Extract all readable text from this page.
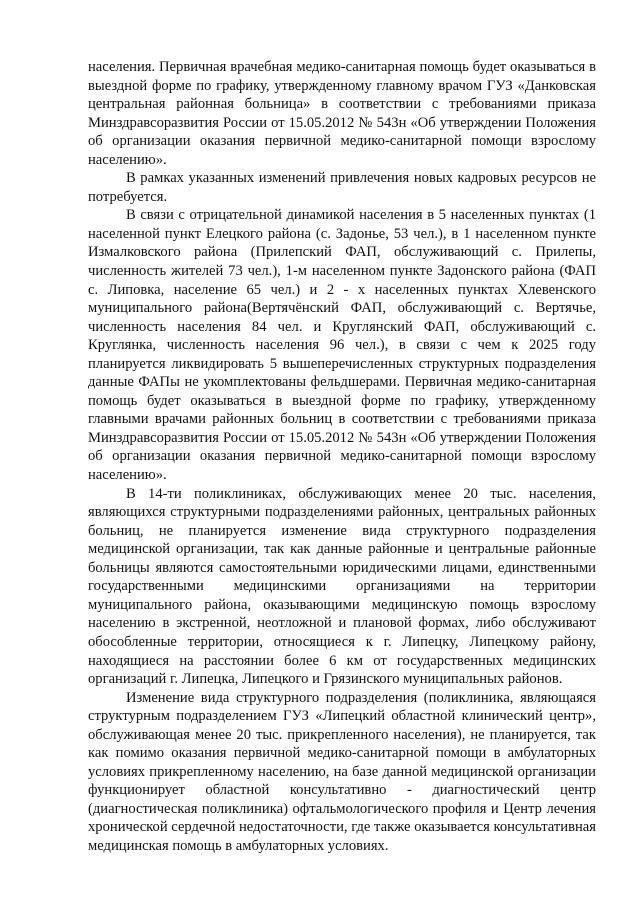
населения. Первичная врачебная медико-санитарная помощь будет оказываться в выездной форме по графику, утвержденному главному врачом ГУЗ «Данковская центральная районная больница» в соответствии с требованиями приказа Минздравсоразвития России от 15.05.2012 № 543н «Об утверждении Положения об организации оказания первичной медико-санитарной помощи взрослому населению».

В рамках указанных изменений привлечения новых кадровых ресурсов не потребуется.

В связи с отрицательной динамикой населения в 5 населенных пунктах (1 населенной пункт Елецкого района (с. Задонье, 53 чел.), в 1 населенном пункте Измалковского района (Прилепский ФАП, обслуживающий с. Прилепы, численность жителей 73 чел.), 1-м населенном пункте Задонского района (ФАП с. Липовка, население 65 чел.) и 2 - х населенных пунктах Хлевенского муниципального района(Вертячëнский ФАП, обслуживающий с. Вертячье, численность населения 84 чел. и Круглянский ФАП, обслуживающий с. Круглянка, численность населения 96 чел.), в связи с чем к 2025 году планируется ликвидировать 5 вышеперечисленных структурных подразделения данные ФАПы не укомплектованы фельдшерами. Первичная медико-санитарная помощь будет оказываться в выездной форме по графику, утвержденному главными врачами районных больниц в соответствии с требованиями приказа Минздравсоразвития России от 15.05.2012 № 543н «Об утверждении Положения об организации оказания первичной медико-санитарной помощи взрослому населению».

В 14-ти поликлиниках, обслуживающих менее 20 тыс. населения, являющихся структурными подразделениями районных, центральных районных больниц, не планируется изменение вида структурного подразделения медицинской организации, так как данные районные и центральные районные больницы являются самостоятельными юридическими лицами, единственными государственными медицинскими организациями на территории муниципального района, оказывающими медицинскую помощь взрослому населению в экстренной, неотложной и плановой формах, либо обслуживают обособленные территории, относящиеся к г. Липецку, Липецкому району, находящиеся на расстоянии более 6 км от государственных медицинских организаций г. Липецка, Липецкого и Грязинского муниципальных районов.

Изменение вида структурного подразделения (поликлиника, являющаяся структурным подразделением ГУЗ «Липецкий областной клинический центр», обслуживающая менее 20 тыс. прикрепленного населения), не планируется, так как помимо оказания первичной медико-санитарной помощи в амбулаторных условиях прикрепленному населению, на базе данной медицинской организации функционирует областной консультативно - диагностический центр (диагностическая поликлиника) офтальмологического профиля и Центр лечения хронической сердечной недостаточности, где также оказывается консультативная медицинская помощь в амбулаторных условиях.
